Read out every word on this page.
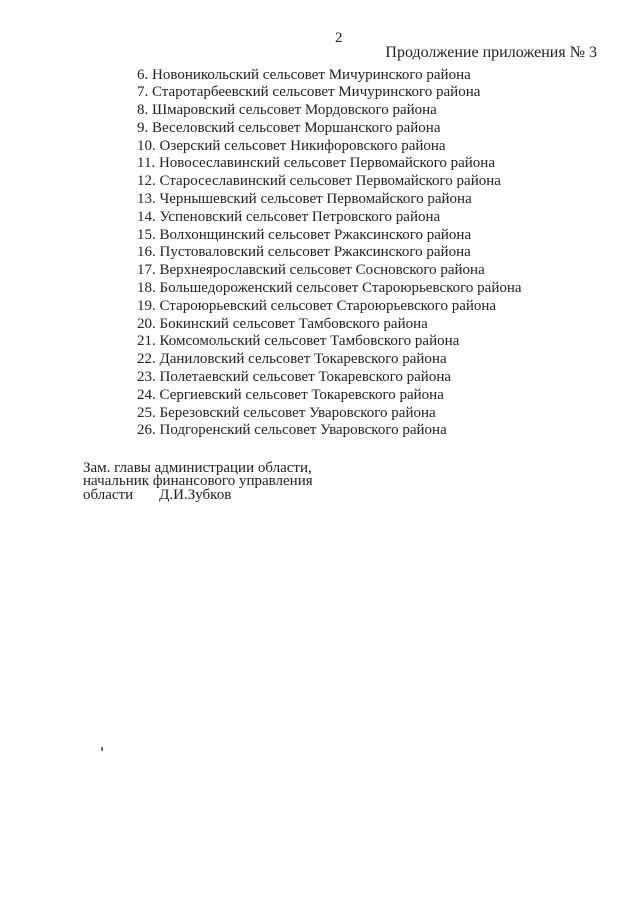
2
Продолжение приложения № 3
6. Новоникольский сельсовет Мичуринского района
7. Старотарбеевский сельсовет Мичуринского района
8. Шмаровский сельсовет Мордовского района
9. Веселовский сельсовет Моршанского района
10. Озерский сельсовет Никифоровского района
11. Новосеславинский сельсовет Первомайского района
12. Старосеславинский сельсовет Первомайского района
13. Чернышевский сельсовет Первомайского района
14. Успеновский сельсовет Петровского района
15. Волхонщинский сельсовет Ржаксинского района
16. Пустоваловский сельсовет Ржаксинского района
17. Верхнеярославский сельсовет Сосновского района
18. Большедороженский сельсовет Староюрьевского района
19. Староюрьевский сельсовет Староюрьевского района
20. Бокинский сельсовет Тамбовского района
21. Комсомольский сельсовет Тамбовского района
22. Даниловский сельсовет Токаревского района
23. Полетаевский сельсовет Токаревского района
24. Сергиевский сельсовет Токаревского района
25. Березовский сельсовет Уваровского района
26. Подгоренский сельсовет Уваровского района
Зам. главы администрации области,
начальник финансового управления
области Д.И.Зубков
